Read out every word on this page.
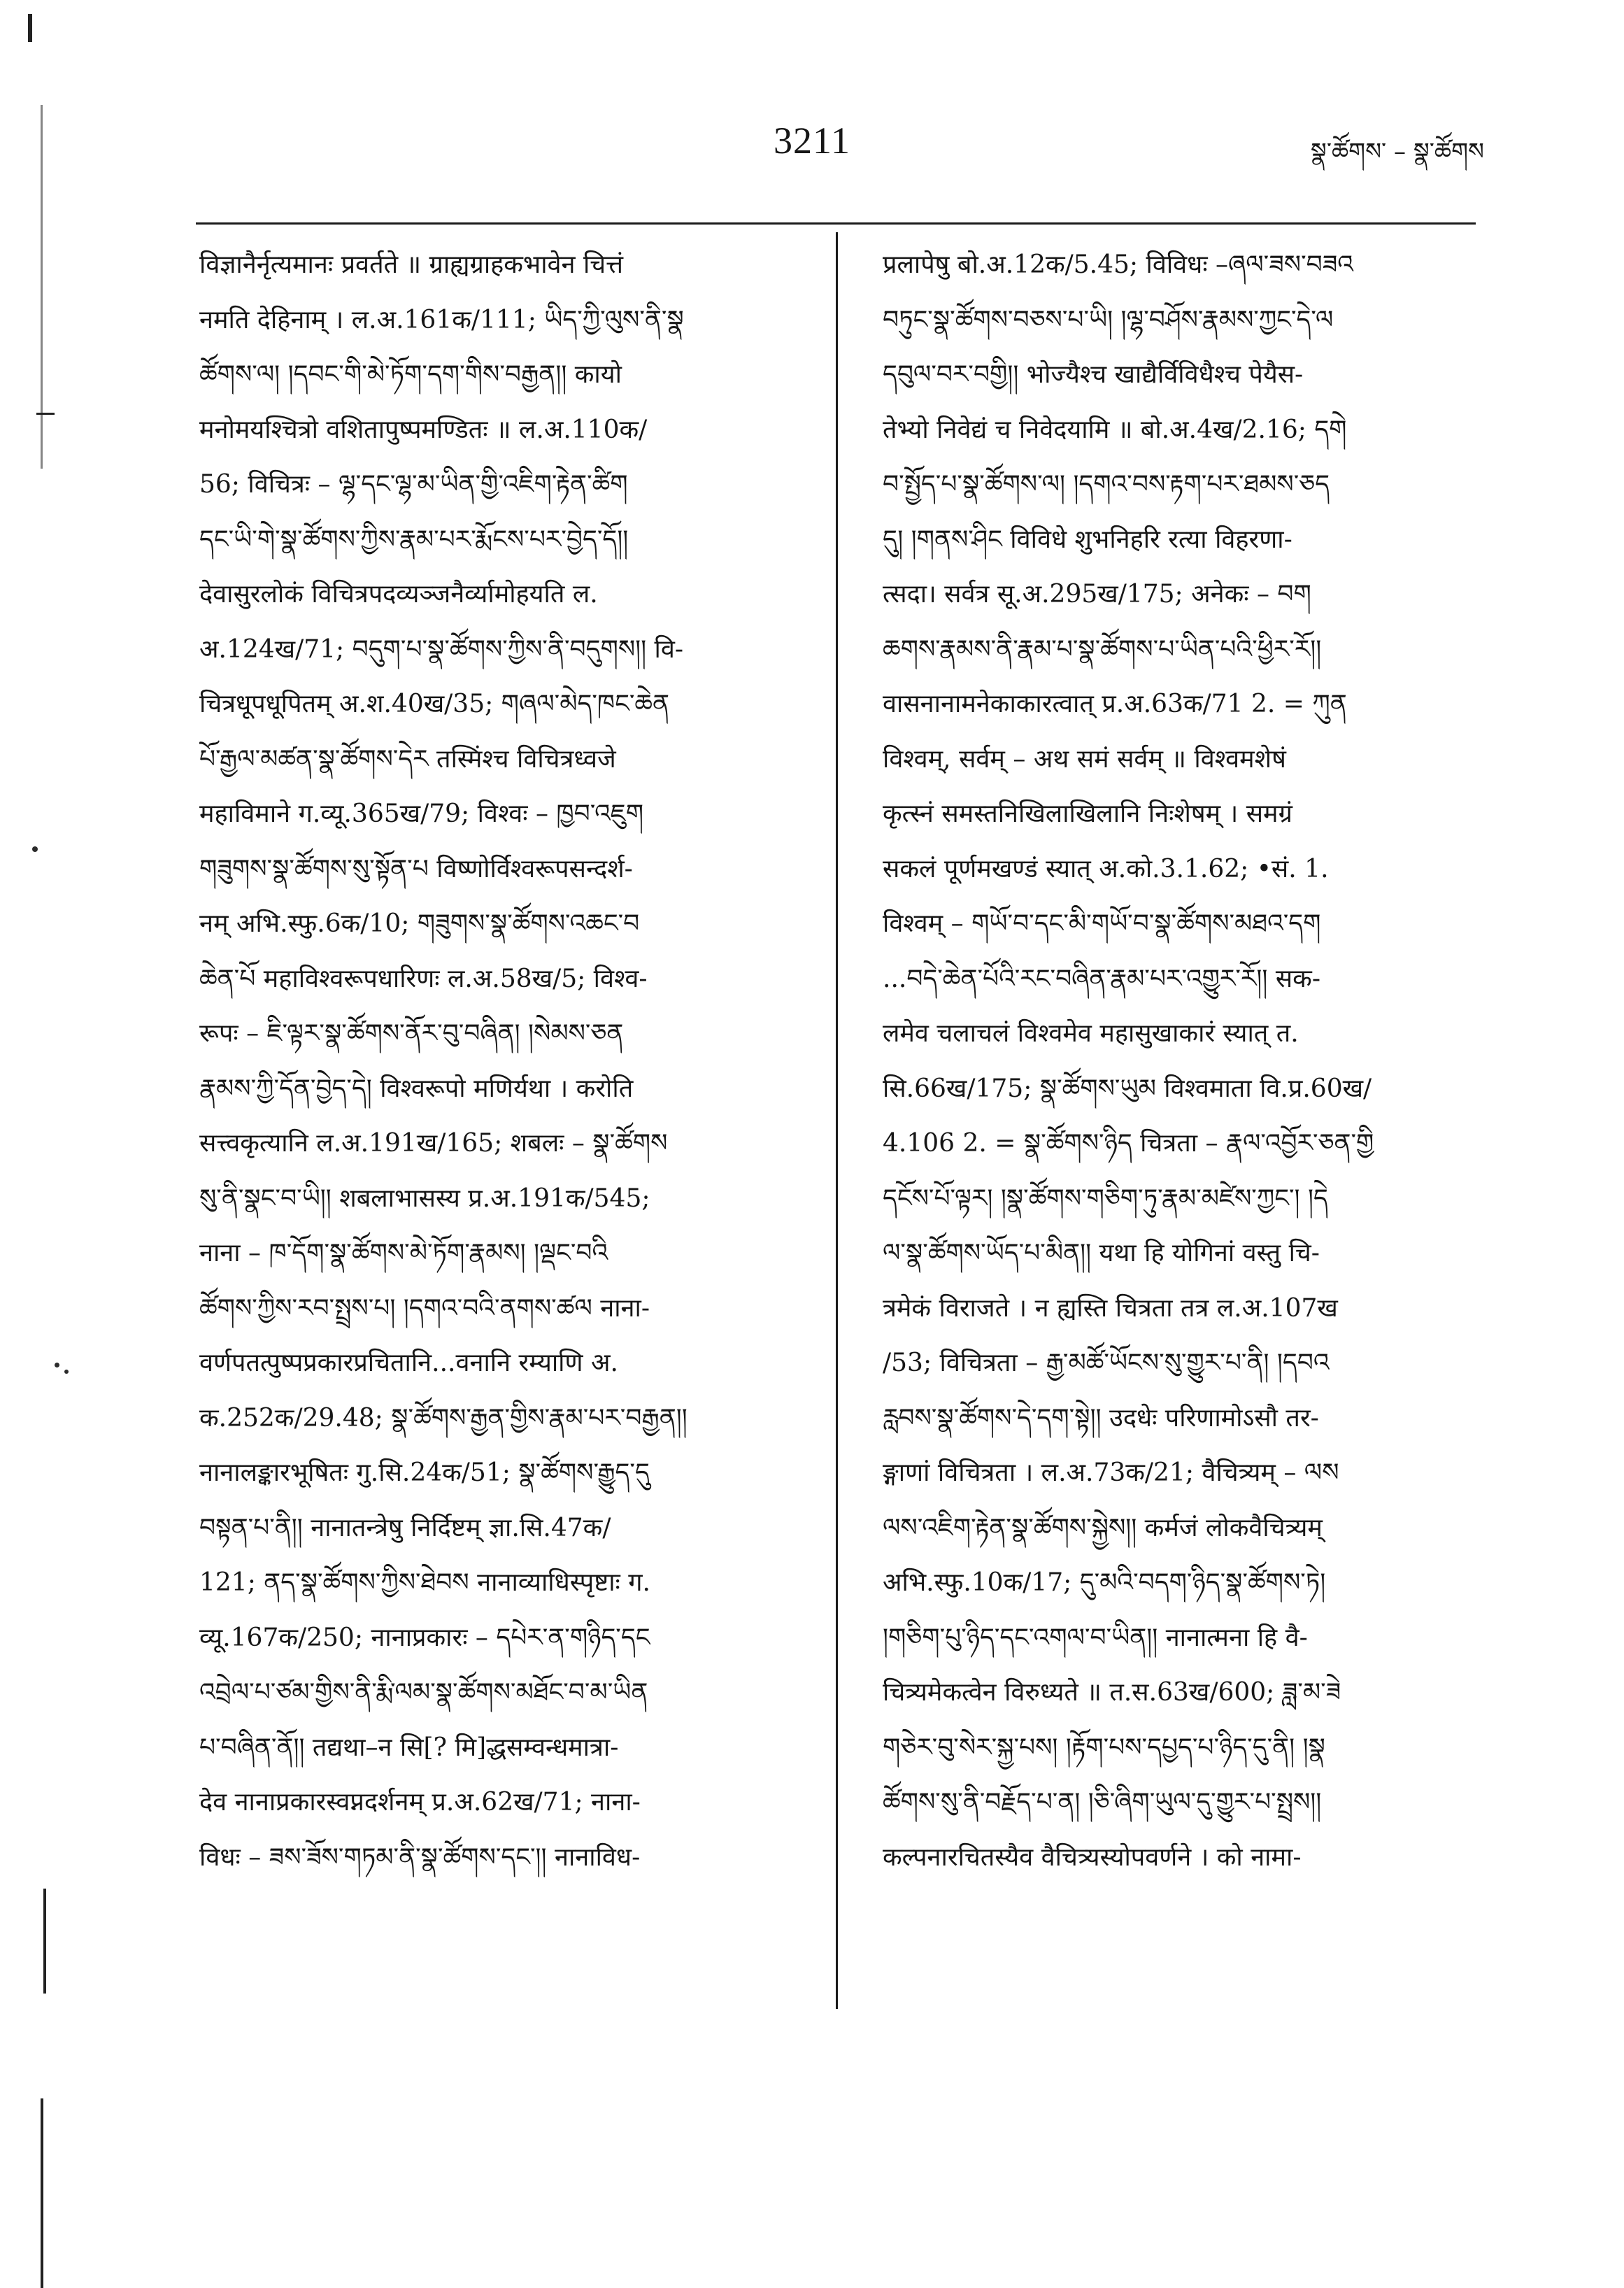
3211	སྣ་ཚོགས་ – སྣ་ཚོགས
विज्ञानैर्नृत्यमानः प्रवर्तते ॥ ग्राह्यग्राहकभावेन चित्तं
नमति देहिनाम् । ल.अ.161क/111; ཡིད་ཀྱི་ལུས་ནི་སྣ
ཚོགས་ལ། །དབང་གི་མེ་ཏོག་དག་གིས་བརྒྱན།། कायो
मनोमयश्चित्रो वशितापुष्पमण्डितः ॥ ल.अ.110क/
56; विचित्रः – ལྷ་དང་ལྷ་མ་ཡིན་གྱི་འཇིག་རྟེན་ཚིག
དང་ཡི་གེ་སྣ་ཚོགས་ཀྱིས་རྣམ་པར་རྨོངས་པར་བྱེད་དོ།།
देवासुरलोकं विचित्रपदव्यञ्जनैर्व्यामोहयति ल.
अ.124ख/71; བདུག་པ་སྣ་ཚོགས་ཀྱིས་ནི་བདུགས།། वि-
चित्रधूपधूपितम् अ.श.40ख/35; གཞལ་མེད་ཁང་ཆེན
པོ་རྒྱལ་མཚན་སྣ་ཚོགས་དེར तस्मिंश्च विचित्रध्वजे
महाविमाने ग.व्यू.365ख/79; विश्वः – ཁྱབ་འཇུག
གཟུགས་སྣ་ཚོགས་སུ་སྟོན་པ विष्णोर्विश्वरूपसन्दर्श-
नम् अभि.स्फु.6क/10; གཟུགས་སྣ་ཚོགས་འཆང་བ
ཆེན་པོ महाविश्वरूपधारिणः ल.अ.58ख/5; विश्व-
रूपः – ཇི་ལྟར་སྣ་ཚོགས་ནོར་བུ་བཞིན། །སེམས་ཅན
རྣམས་ཀྱི་དོན་བྱེད་དེ། विश्वरूपो मणिर्यथा । करोति
सत्त्वकृत्यानि ल.अ.191ख/165; शबलः – སྣ་ཚོགས
སུ་ནི་སྣང་བ་ཡི།། शबलाभासस्य प्र.अ.191क/545;
नाना – ཁ་དོག་སྣ་ཚོགས་མེ་ཏོག་རྣམས། །ལྡང་བའི
ཚོགས་ཀྱིས་རབ་སྤྲས་པ། །དགའ་བའི་ནགས་ཚལ नाना-
वर्णपतत्पुष्पप्रकारप्रचितानि...वनानि रम्याणि अ.
क.252क/29.48; སྣ་ཚོགས་རྒྱན་གྱིས་རྣམ་པར་བརྒྱན།།
नानालङ्कारभूषितः गु.सि.24क/51; སྣ་ཚོགས་རྒྱུད་དུ
བསྟན་པ་ནི།། नानातन्त्रेषु निर्दिष्टम् ज्ञा.सि.47क/
121; ནད་སྣ་ཚོགས་ཀྱིས་ཐེབས नानाव्याधिस्पृष्टाः ग.
व्यू.167क/250; नानाप्रकारः – དཔེར་ན་གཉིད་དང
འབྲེལ་པ་ཙམ་གྱིས་ནི་རྨི་ལམ་སྣ་ཚོགས་མཐོང་བ་མ་ཡིན
པ་བཞིན་ནོ།། तद्यथा–न सि[? मि]द्धसम्वन्धमात्रा-
देव नानाप्रकारस्वप्नदर्शनम् प्र.अ.62ख/71; नाना-
विधः – ཟས་ཟོས་གཏམ་ནི་སྣ་ཚོགས་དང་།། नानाविध-
प्रलापेषु बो.अ.12क/5.45; विविधः –ཞལ་ཟས་བཟའ
བཏུང་སྣ་ཚོགས་བཅས་པ་ཡི། །ལྷ་བཤོས་རྣམས་ཀྱང་དེ་ལ
དབུལ་བར་བགྱི།། भोज्यैश्च खाद्यैर्विविधैश्च पेयैस-
तेभ्यो निवेद्यं च निवेदयामि ॥ बो.अ.4ख/2.16; དགེ
བ་སྤྱོད་པ་སྣ་ཚོགས་ལ། །དགའ་བས་རྟག་པར་ཐམས་ཅད
དུ། །གནས་ཤིང विविधे शुभनिहरि रत्या विहरणा-
त्सदा। सर्वत्र सू.अ.295ख/175; अनेकः – བག
ཆགས་རྣམས་ནི་རྣམ་པ་སྣ་ཚོགས་པ་ཡིན་པའི་ཕྱིར་རོ།།
वासनानामनेकाकारत्वात् प्र.अ.63क/71 2. = ཀུན
विश्वम्, सर्वम् – अथ समं सर्वम् ॥ विश्वमशेषं
कृत्स्नं समस्तनिखिलाखिलानि निःशेषम् । समग्रं
सकलं पूर्णमखण्डं स्यात् अ.को.3.1.62; •सं. 1.
विश्वम् – གཡོ་བ་དང་མི་གཡོ་བ་སྣ་ཚོགས་མཐའ་དག
...བདེ་ཆེན་པོའི་རང་བཞིན་རྣམ་པར་འགྱུར་རོ།། सक-
लमेव चलाचलं विश्वमेव महासुखाकारं स्यात् त.
सि.66ख/175; སྣ་ཚོགས་ཡུམ विश्वमाता वि.प्र.60ख/
4.106 2. = སྣ་ཚོགས་ཉིད चित्रता – རྣལ་འབྱོར་ཅན་གྱི
དངོས་པོ་ལྟར། །སྣ་ཚོགས་གཅིག་ཏུ་རྣམ་མཛེས་ཀྱང་། །དེ
ལ་སྣ་ཚོགས་ཡོད་པ་མིན།། यथा हि योगिनां वस्तु चि-
त्रमेकं विराजते । न ह्यस्ति चित्रता तत्र ल.अ.107ख
/53; विचित्रता – རྒྱ་མཚོ་ཡོངས་སུ་གྱུར་པ་ནི། །དབའ
རླབས་སྣ་ཚོགས་དེ་དག་སྟེ།། उदधेः परिणामोऽसौ तर-
ङ्गाणां विचित्रता । ल.अ.73क/21; वैचित्र्यम् – ལས
ལས་འཇིག་རྟེན་སྣ་ཚོགས་སྐྱེས།། कर्मजं लोकवैचित्र्यम्
अभि.स्फु.10क/17; དུ་མའི་བདག་ཉིད་སྣ་ཚོགས་ཏེ།
།གཅིག་པུ་ཉིད་དང་འགལ་བ་ཡིན།། नानात्मना हि वै-
चित्र्यमेकत्वेन विरुध्यते ॥ त.स.63ख/600; ཟླ་མ་ཟེ
གཅེར་བུ་སེར་སྐྱ་པས། །རྟོག་པས་དཔྱད་པ་ཉིད་དུ་ནི། །སྣ
ཚོགས་སུ་ནི་བརྗོད་པ་ན། །ཅི་ཞིག་ཡུལ་དུ་གྱུར་པ་སྤྲས།།
कल्पनारचितस्यैव वैचित्र्यस्योपवर्णने । को नामा-
